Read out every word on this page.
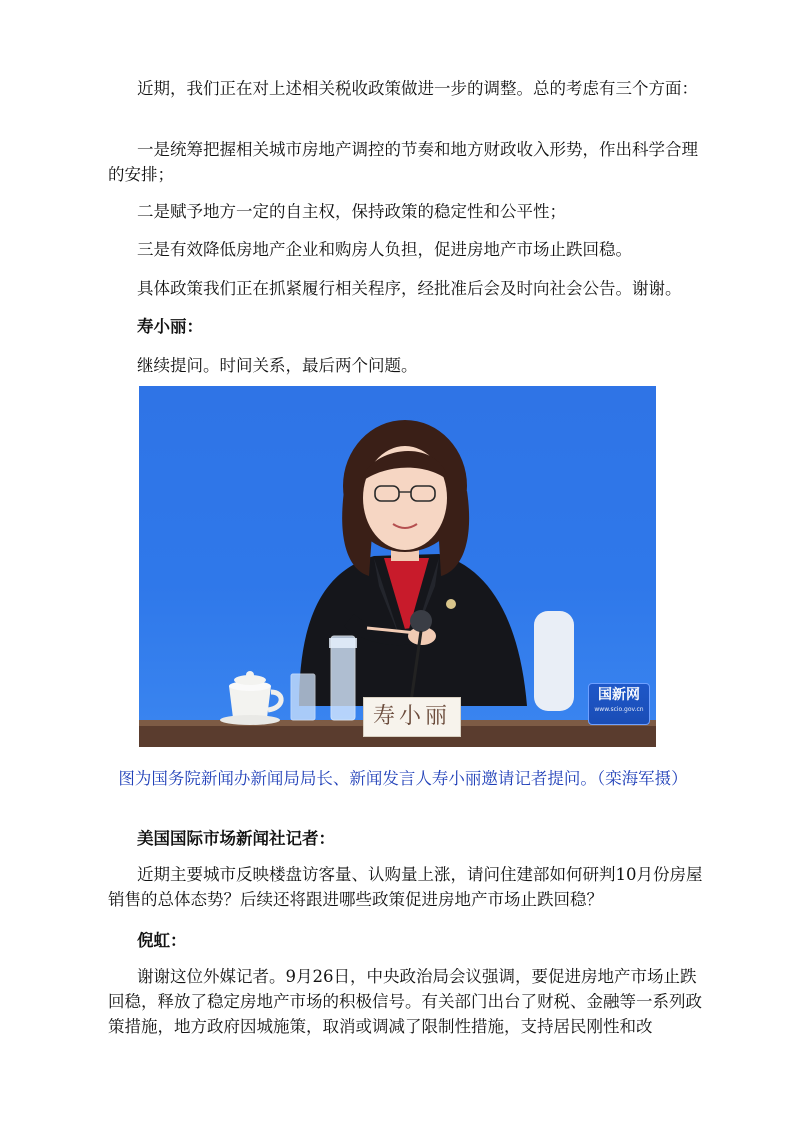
近期，我们正在对上述相关税收政策做进一步的调整。总的考虑有三个方面：

一是统筹把握相关城市房地产调控的节奏和地方财政收入形势，作出科学合理的安排；

二是赋予地方一定的自主权，保持政策的稳定性和公平性；

三是有效降低房地产企业和购房人负担，促进房地产市场止跌回稳。

具体政策我们正在抓紧履行相关程序，经批准后会及时向社会公告。谢谢。

寿小丽：

继续提问。时间关系，最后两个问题。

寿小丽
国新网
www.scio.gov.cn

图为国务院新闻办新闻局局长、新闻发言人寿小丽邀请记者提问。（栾海军摄）

美国国际市场新闻社记者：

近期主要城市反映楼盘访客量、认购量上涨，请问住建部如何研判10月份房屋销售的总体态势？后续还将跟进哪些政策促进房地产市场止跌回稳？

倪虹：

谢谢这位外媒记者。9月26日，中央政治局会议强调，要促进房地产市场止跌回稳，释放了稳定房地产市场的积极信号。有关部门出台了财税、金融等一系列政策措施，地方政府因城施策，取消或调减了限制性措施，支持居民刚性和改
